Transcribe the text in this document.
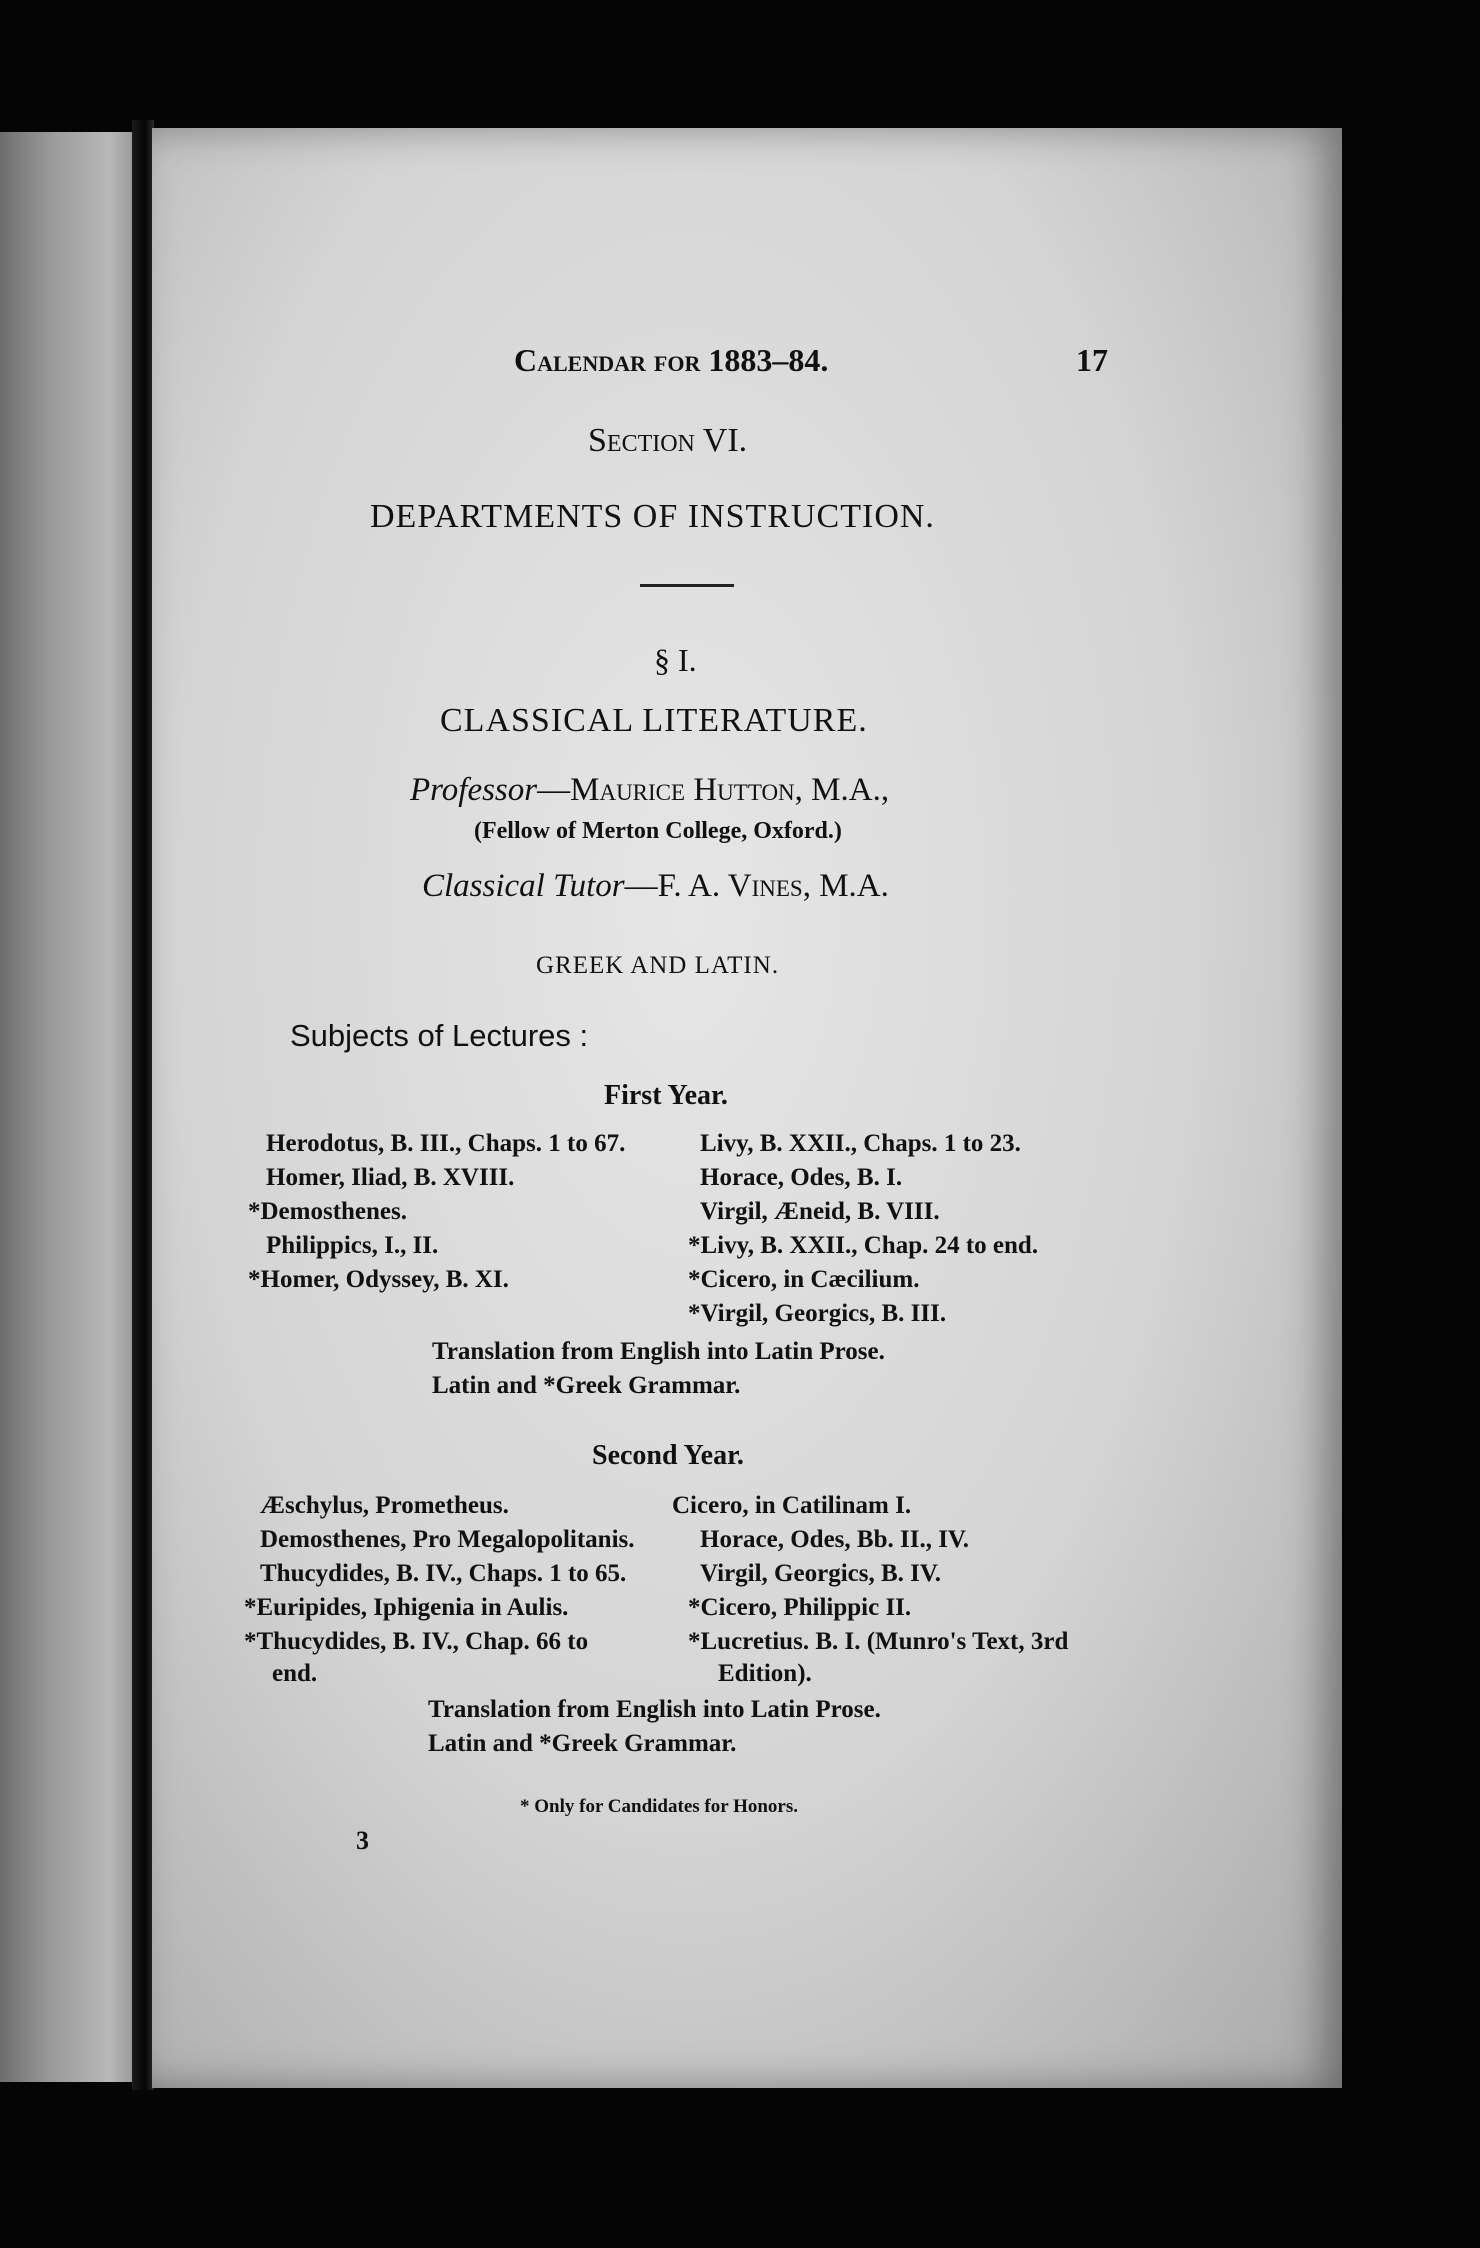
Calendar for 1883–84.	17

Section VI.

DEPARTMENTS OF INSTRUCTION.

§ I.

CLASSICAL LITERATURE.

Professor—Maurice Hutton, M.A.,

(Fellow of Merton College, Oxford.)

Classical Tutor—F. A. Vines, M.A.

GREEK AND LATIN.

Subjects of Lectures :

First Year.

Herodotus, B. III., Chaps. 1 to 67.

Homer, Iliad, B. XVIII.

*Demosthenes.

Philippics, I., II.

*Homer, Odyssey, B. XI.

Livy, B. XXII., Chaps. 1 to 23.

Horace, Odes, B. I.

Virgil, Æneid, B. VIII.

*Livy, B. XXII., Chap. 24 to end.

*Cicero, in Cæcilium.

*Virgil, Georgics, B. III.

Translation from English into Latin Prose.

Latin and *Greek Grammar.

Second Year.

Æschylus, Prometheus.

Demosthenes, Pro Megalopolitanis.

Thucydides, B. IV., Chaps. 1 to 65.

*Euripides, Iphigenia in Aulis.

*Thucydides, B. IV., Chap. 66 to

end.

Cicero, in Catilinam I.

Horace, Odes, Bb. II., IV.

Virgil, Georgics, B. IV.

*Cicero, Philippic II.

*Lucretius. B. I. (Munro's Text, 3rd

Edition).

Translation from English into Latin Prose.

Latin and *Greek Grammar.

* Only for Candidates for Honors.

3
